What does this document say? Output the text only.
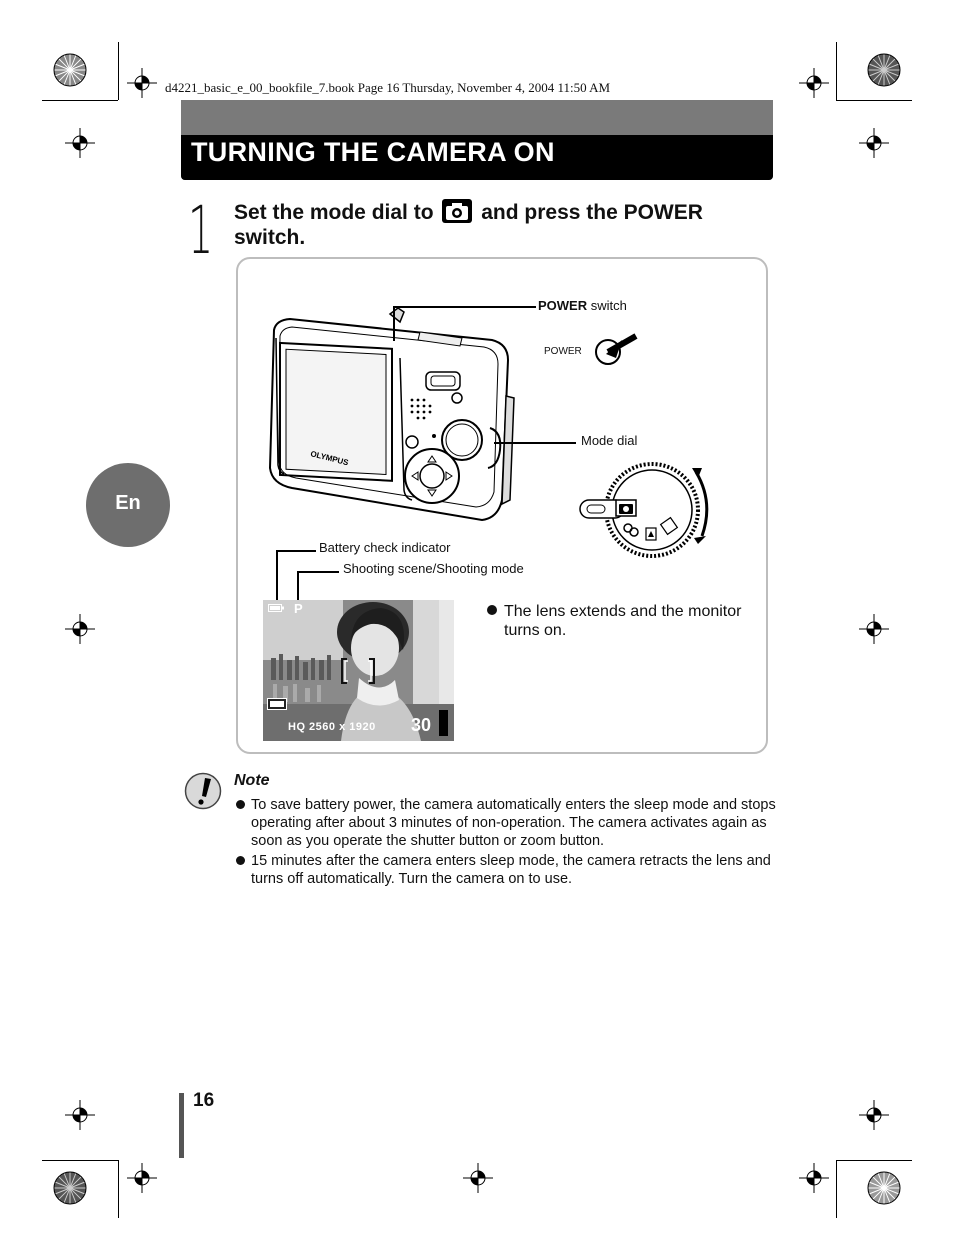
d4221_basic_e_00_bookfile_7.book Page 16 Thursday, November 4, 2004 11:50 AM
TURNING THE CAMERA ON
En
1 Set the mode dial to and press the POWER switch.
OLYMPUS
POWER switch
POWER
Mode dial
Battery check indicator
Shooting scene/Shooting mode
P
HQ 2560 x 1920 30
The lens extends and the monitor turns on.
Note
To save battery power, the camera automatically enters the sleep mode and stops operating after about 3 minutes of non-operation. The camera activates again as soon as you operate the shutter button or zoom button.
15 minutes after the camera enters sleep mode, the camera retracts the lens and turns off automatically. Turn the camera on to use.
16
